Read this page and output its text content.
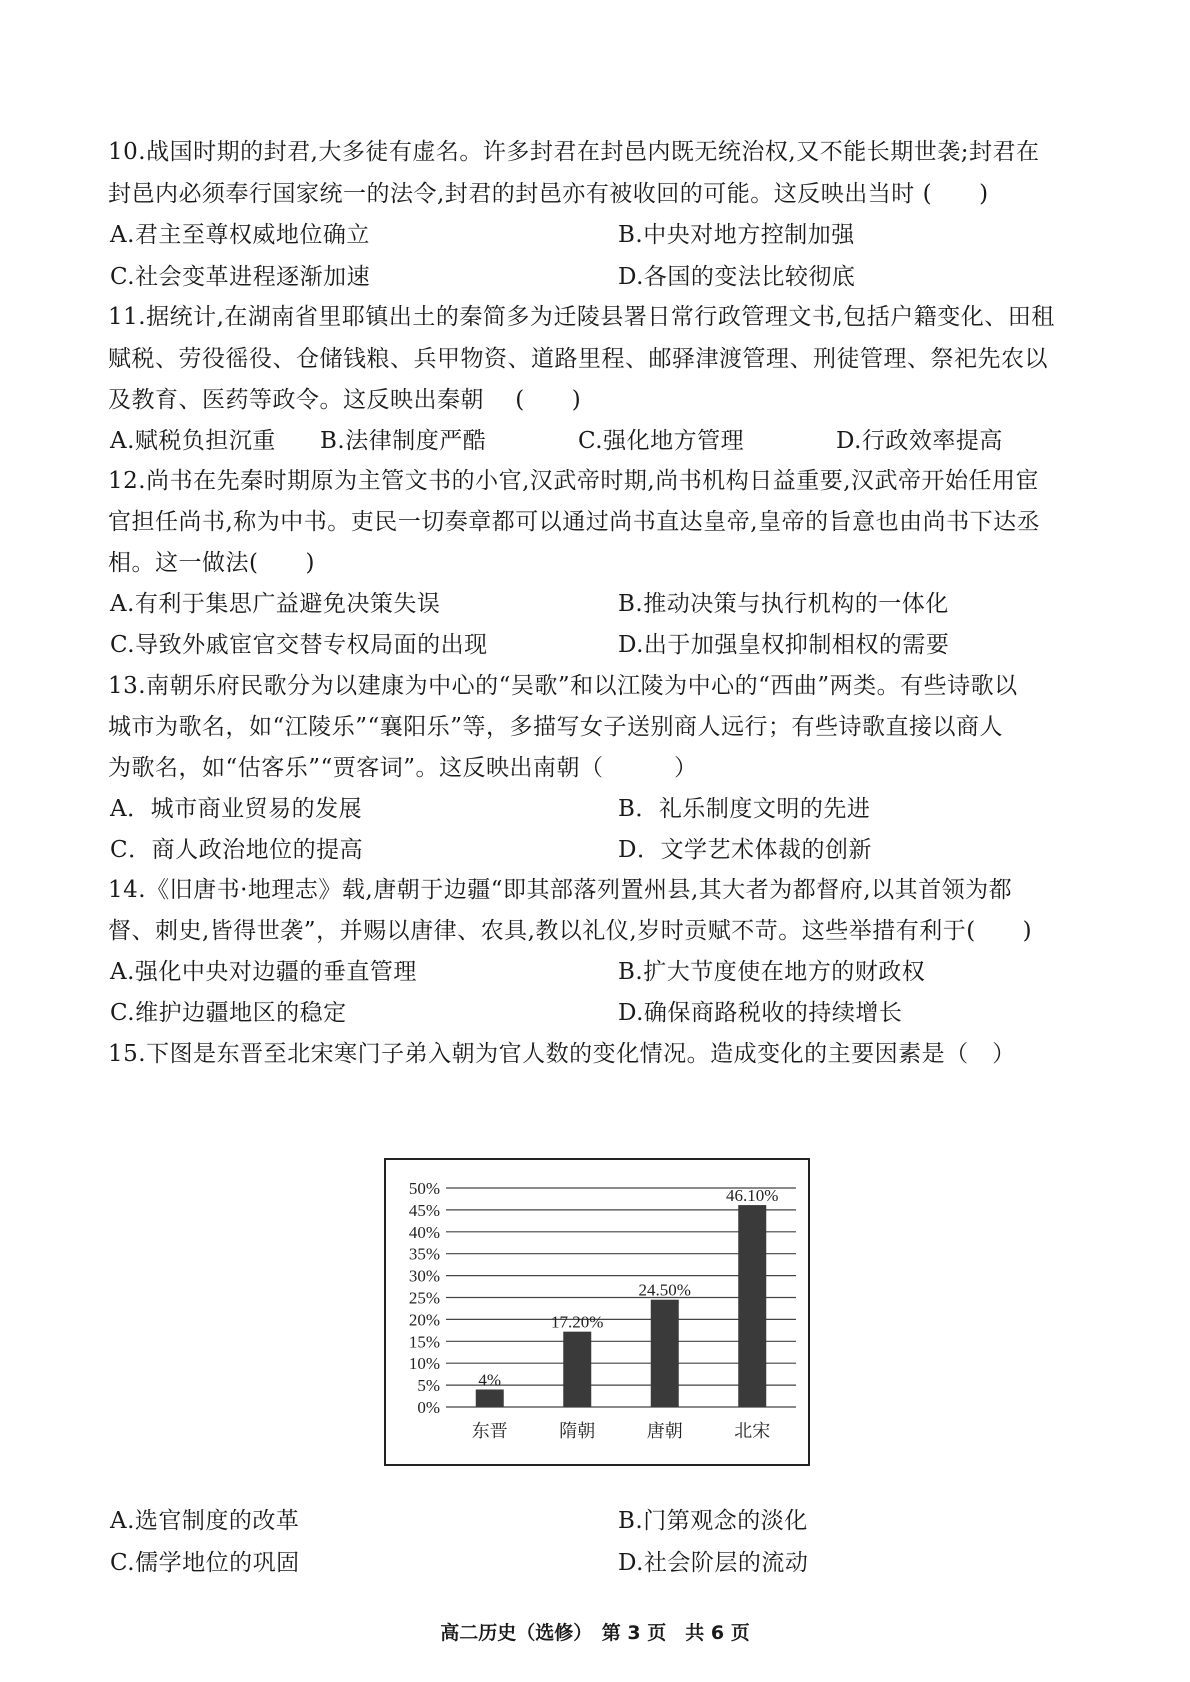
10.战国时期的封君,大多徒有虚名。许多封君在封邑内既无统治权,又不能长期世袭;封君在
封邑内必须奉行国家统一的法令,封君的封邑亦有被收回的可能。这反映出当时 (　　)
A.君主至尊权威地位确立	B.中央对地方控制加强
C.社会变革进程逐渐加速	D.各国的变法比较彻底
11.据统计,在湖南省里耶镇出土的秦简多为迁陵县署日常行政管理文书,包括户籍变化、田租
赋税、劳役徭役、仓储钱粮、兵甲物资、道路里程、邮驿津渡管理、刑徒管理、祭祀先农以
及教育、医药等政令。这反映出秦朝　 (　　)
A.赋税负担沉重 B.法律制度严酷	C.强化地方管理	D.行政效率提高
12.尚书在先秦时期原为主管文书的小官,汉武帝时期,尚书机构日益重要,汉武帝开始任用宦
官担任尚书,称为中书。吏民一切奏章都可以通过尚书直达皇帝,皇帝的旨意也由尚书下达丞
相。这一做法(　　)
A.有利于集思广益避免决策失误	B.推动决策与执行机构的一体化
C.导致外戚宦官交替专权局面的出现	D.出于加强皇权抑制相权的需要
13.南朝乐府民歌分为以建康为中心的“吴歌”和以江陵为中心的“西曲”两类。有些诗歌以
城市为歌名，如“江陵乐”“襄阳乐”等，多描写女子送别商人远行；有些诗歌直接以商人
为歌名，如“估客乐”“贾客词”。这反映出南朝（　　　）
A．城市商业贸易的发展	B．礼乐制度文明的先进
C．商人政治地位的提高	D．文学艺术体裁的创新
14.《旧唐书·地理志》载,唐朝于边疆“即其部落列置州县,其大者为都督府,以其首领为都
督、刺史,皆得世袭”，并赐以唐律、农具,教以礼仪,岁时贡赋不苛。这些举措有利于(　　)
A.强化中央对边疆的垂直管理	B.扩大节度使在地方的财政权
C.维护边疆地区的稳定	D.确保商路税收的持续增长
15.下图是东晋至北宋寒门子弟入朝为官人数的变化情况。造成变化的主要因素是（　）
0%
5%
10%
15%
20%
25%
30%
35%
40%
45%
50%
4%
东晋
17.20%
隋朝
24.50%
唐朝
46.10%
北宋
A.选官制度的改革	B.门第观念的淡化
C.儒学地位的巩固	D.社会阶层的流动
高二历史（选修）　第 3 页　共 6 页
